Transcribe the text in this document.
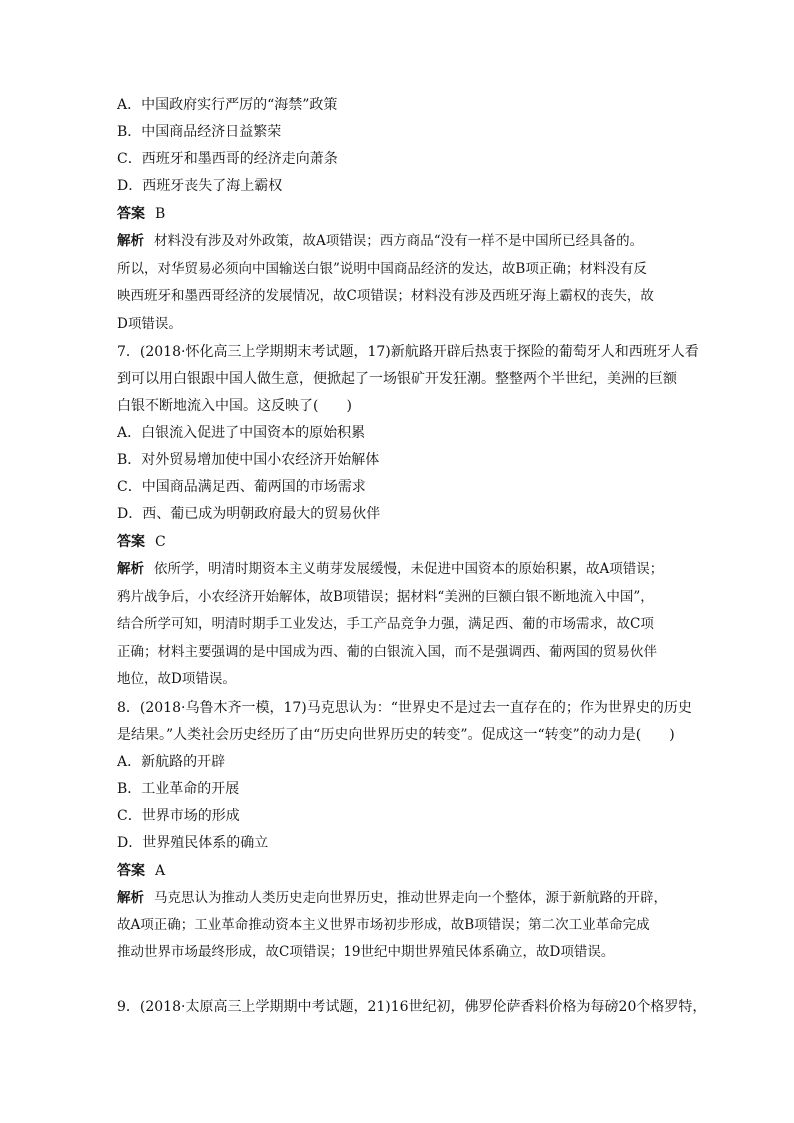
A．中国政府实行严厉的“海禁”政策
B．中国商品经济日益繁荣
C．西班牙和墨西哥的经济走向萧条
D．西班牙丧失了海上霸权
答案 B
解析 材料没有涉及对外政策，故A项错误；西方商品“没有一样不是中国所已经具备的。
所以，对华贸易必须向中国输送白银”说明中国商品经济的发达，故B项正确；材料没有反
映西班牙和墨西哥经济的发展情况，故C项错误；材料没有涉及西班牙海上霸权的丧失，故
D项错误。
7．(2018·怀化高三上学期期末考试题，17)新航路开辟后热衷于探险的葡萄牙人和西班牙人看
到可以用白银跟中国人做生意，便掀起了一场银矿开发狂潮。整整两个半世纪，美洲的巨额
白银不断地流入中国。这反映了(　　)
A．白银流入促进了中国资本的原始积累
B．对外贸易增加使中国小农经济开始解体
C．中国商品满足西、葡两国的市场需求
D．西、葡已成为明朝政府最大的贸易伙伴
答案 C
解析 依所学，明清时期资本主义萌芽发展缓慢，未促进中国资本的原始积累，故A项错误；
鸦片战争后，小农经济开始解体，故B项错误；据材料“美洲的巨额白银不断地流入中国”，
结合所学可知，明清时期手工业发达，手工产品竞争力强，满足西、葡的市场需求，故C项
正确；材料主要强调的是中国成为西、葡的白银流入国，而不是强调西、葡两国的贸易伙伴
地位，故D项错误。
8．(2018·乌鲁木齐一模，17)马克思认为：“世界史不是过去一直存在的；作为世界史的历史
是结果。”人类社会历史经历了由“历史向世界历史的转变”。促成这一“转变”的动力是(　　)
A．新航路的开辟
B．工业革命的开展
C．世界市场的形成
D．世界殖民体系的确立
答案 A
解析 马克思认为推动人类历史走向世界历史，推动世界走向一个整体，源于新航路的开辟，
故A项正确；工业革命推动资本主义世界市场初步形成，故B项错误；第二次工业革命完成
推动世界市场最终形成，故C项错误；19世纪中期世界殖民体系确立，故D项错误。
9．(2018·太原高三上学期期中考试题，21)16世纪初，佛罗伦萨香料价格为每磅20个格罗特，
